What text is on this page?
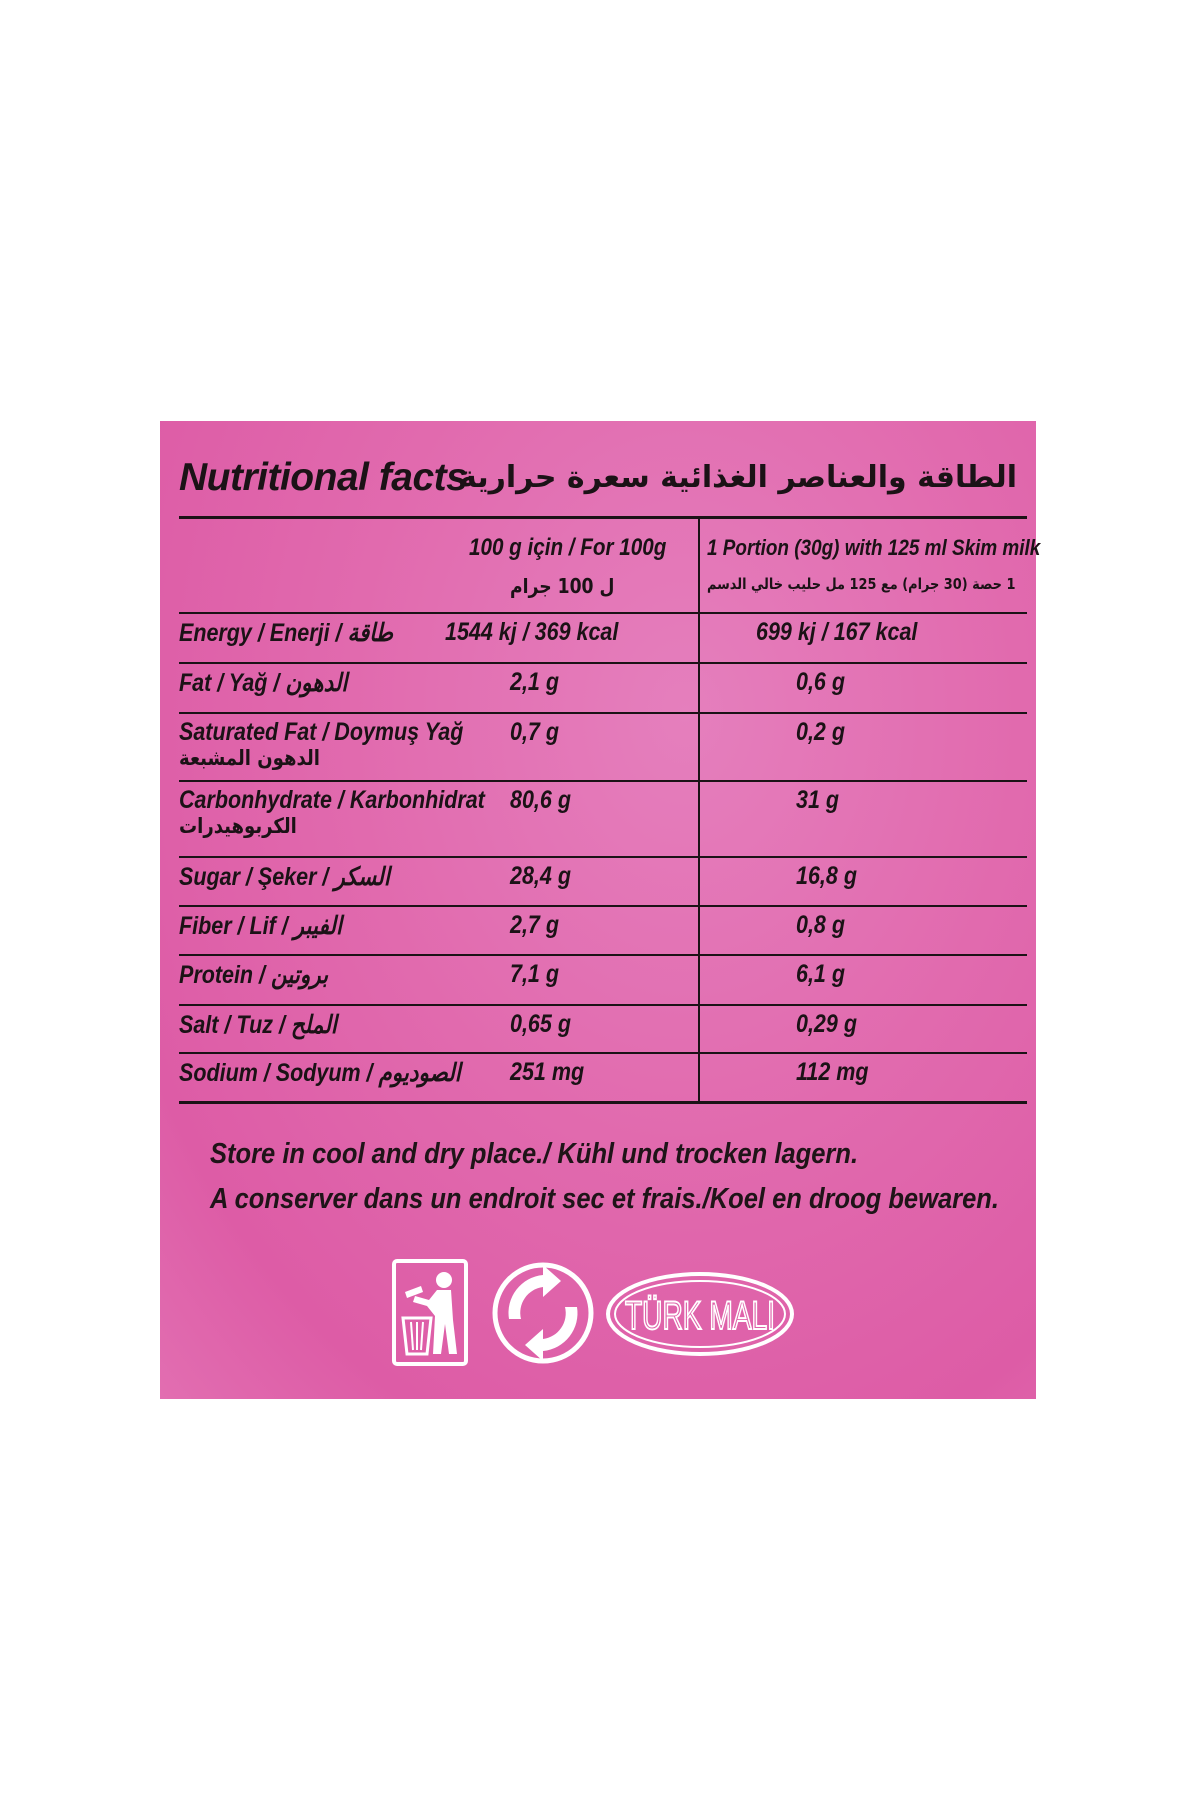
Nutritional facts
الطاقة والعناصر الغذائية سعرة حرارية
100 g için / For 100g
ل 100 جرام
1 Portion (30g) with 125 ml Skim milk
1 حصة (30 جرام) مع 125 مل حليب خالي الدسم
Energy / Enerji / طاقة 1544 kj / 369 kcal	699 kj / 167 kcal
Fat / Yağ / الدهون	2,1 g	0,6 g
Saturated Fat / Doymuş Yağ
الدهون المشبعة
0,7 g	0,2 g
Carbonhydrate / Karbonhidrat
الكربوهيدرات
80,6 g	31 g
Sugar / Şeker / السكر	28,4 g	16,8 g
Fiber / Lif / الفيبر	2,7 g	0,8 g
Protein / بروتين	7,1 g	6,1 g
Salt / Tuz / الملح	0,65 g	0,29 g
Sodium / Sodyum / الصوديوم 251 mg	112 mg
Store in cool and dry place./ Kühl und trocken lagern.
A conserver dans un endroit sec et frais./Koel en droog bewaren.
TÜRK MALI
